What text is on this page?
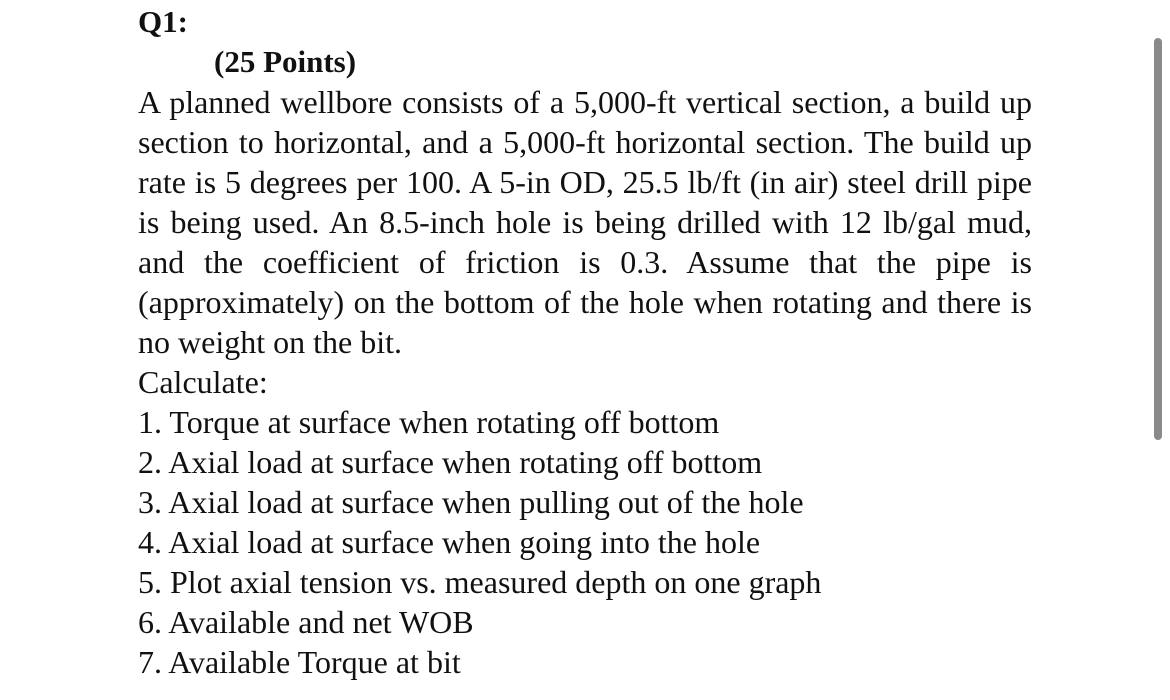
Q1:

(25 Points)

A planned wellbore consists of a 5,000-ft vertical section, a build up section to horizontal, and a 5,000-ft horizontal section. The build up rate is 5 degrees per 100. A 5-in OD, 25.5 lb/ft (in air) steel drill pipe is being used. An 8.5-inch hole is being drilled with 12 lb/gal mud, and the coefficient of friction is 0.3. Assume that the pipe is (approximately) on the bottom of the hole when rotating and there is no weight on the bit.

Calculate:

1. Torque at surface when rotating off bottom
2. Axial load at surface when rotating off bottom
3. Axial load at surface when pulling out of the hole
4. Axial load at surface when going into the hole
5. Plot axial tension vs. measured depth on one graph
6. Available and net WOB
7. Available Torque at bit
